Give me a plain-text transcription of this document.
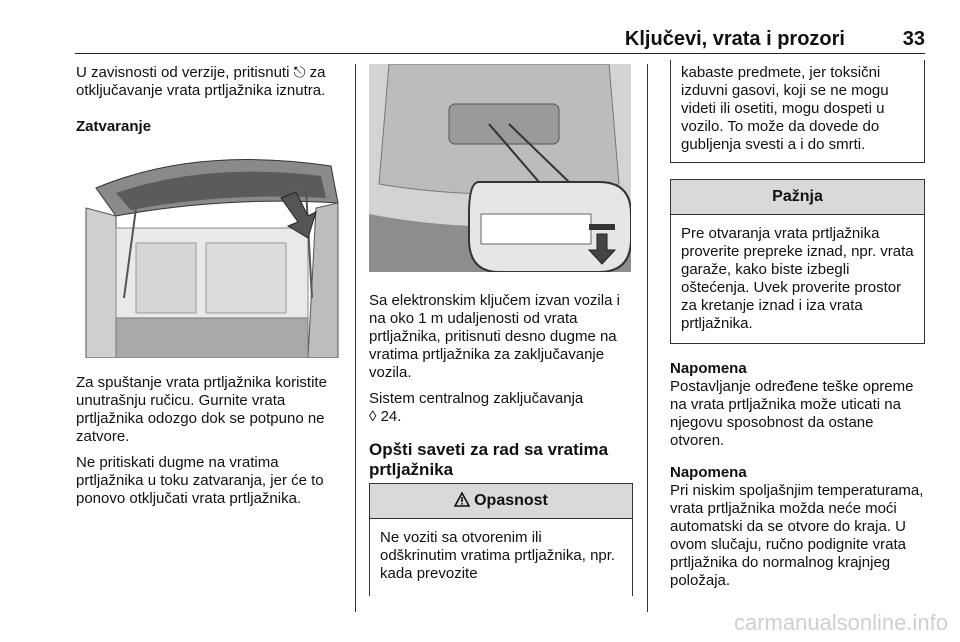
Ključevi, vrata i prozori	33

U zavisnosti od verzije, pritisnuti ⎋ za otključavanje vrata prtljažnika iznutra.

Zatvaranje

Za spuštanje vrata prtljažnika koristite unutrašnju ručicu. Gurnite vrata prtljažnika odozgo dok se potpuno ne zatvore.

Ne pritiskati dugme na vratima prtljažnika u toku zatvaranja, jer će to ponovo otključati vrata prtljažnika.

Sa elektronskim ključem izvan vozila i na oko 1 m udaljenosti od vrata prtljažnika, pritisnuti desno dugme na vratima prtljažnika za zaključavanje vozila.

Sistem centralnog zaključavanja
◊ 24.

Opšti saveti za rad sa vratima prtljažnika
Opasnost
Ne voziti sa otvorenim ili odškrinutim vratima prtljažnika, npr. kada prevozite
kabaste predmete, jer toksični izduvni gasovi, koji se ne mogu videti ili osetiti, mogu dospeti u vozilo. To može da dovede do gubljenja svesti a i do smrti.
Pažnja
Pre otvaranja vrata prtljažnika proverite prepreke iznad, npr. vrata garaže, kako biste izbegli oštećenja. Uvek proverite prostor za kretanje iznad i iza vrata prtljažnika.
Napomena
Postavljanje određene teške opreme na vrata prtljažnika može uticati na njegovu sposobnost da ostane otvoren.
Napomena
Pri niskim spoljašnjim temperaturama, vrata prtljažnika možda neće moći automatski da se otvore do kraja. U ovom slučaju, ručno podignite vrata prtljažnika do normalnog krajnjeg položaja.
carmanualsonline.info
